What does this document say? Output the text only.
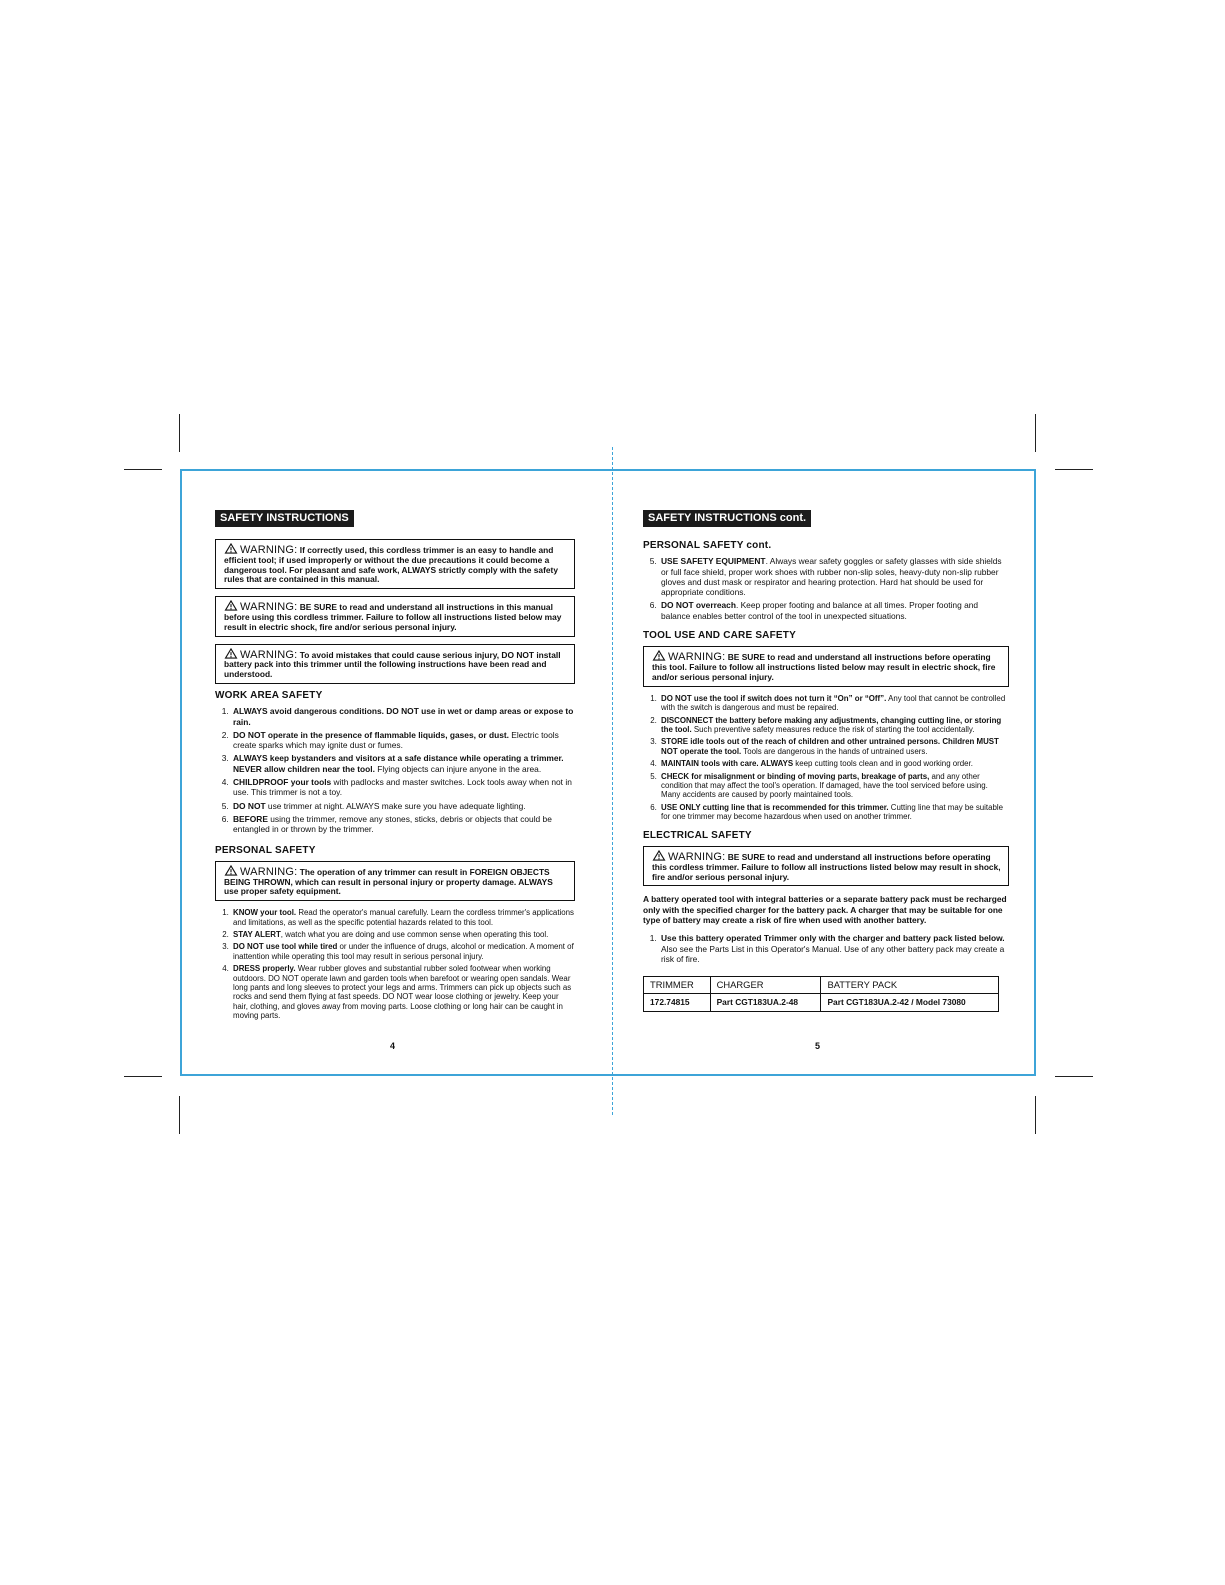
SAFETY INSTRUCTIONS
WARNING: If correctly used, this cordless trimmer is an easy to handle and efficient tool; if used improperly or without the due precautions it could become a dangerous tool. For pleasant and safe work, ALWAYS strictly comply with the safety rules that are contained in this manual.
WARNING: BE SURE to read and understand all instructions in this manual before using this cordless trimmer. Failure to follow all instructions listed below may result in electric shock, fire and/or serious personal injury.
WARNING: To avoid mistakes that could cause serious injury, DO NOT install battery pack into this trimmer until the following instructions have been read and understood.
WORK AREA SAFETY
1. ALWAYS avoid dangerous conditions. DO NOT use in wet or damp areas or expose to rain.
2. DO NOT operate in the presence of flammable liquids, gases, or dust. Electric tools create sparks which may ignite dust or fumes.
3. ALWAYS keep bystanders and visitors at a safe distance while operating a trimmer. NEVER allow children near the tool. Flying objects can injure anyone in the area.
4. CHILDPROOF your tools with padlocks and master switches. Lock tools away when not in use. This trimmer is not a toy.
5. DO NOT use trimmer at night. ALWAYS make sure you have adequate lighting.
6. BEFORE using the trimmer, remove any stones, sticks, debris or objects that could be entangled in or thrown by the trimmer.
PERSONAL SAFETY
WARNING: The operation of any trimmer can result in FOREIGN OBJECTS BEING THROWN, which can result in personal injury or property damage. ALWAYS use proper safety equipment.
1. KNOW your tool. Read the operator's manual carefully. Learn the cordless trimmer's applications and limitations, as well as the specific potential hazards related to this tool.
2. STAY ALERT, watch what you are doing and use common sense when operating this tool.
3. DO NOT use tool while tired or under the influence of drugs, alcohol or medication. A moment of inattention while operating this tool may result in serious personal injury.
4. DRESS properly. Wear rubber gloves and substantial rubber soled footwear when working outdoors. DO NOT operate lawn and garden tools when barefoot or wearing open sandals. Wear long pants and long sleeves to protect your legs and arms. Trimmers can pick up objects such as rocks and send them flying at fast speeds. DO NOT wear loose clothing or jewelry. Keep your hair, clothing, and gloves away from moving parts. Loose clothing or long hair can be caught in moving parts.
4
SAFETY INSTRUCTIONS cont.
PERSONAL SAFETY cont.
5. USE SAFETY EQUIPMENT. Always wear safety goggles or safety glasses with side shields or full face shield, proper work shoes with rubber non-slip soles, heavy-duty non-slip rubber gloves and dust mask or respirator and hearing protection. Hard hat should be used for appropriate conditions.
6. DO NOT overreach. Keep proper footing and balance at all times. Proper footing and balance enables better control of the tool in unexpected situations.
TOOL USE AND CARE SAFETY
WARNING: BE SURE to read and understand all instructions before operating this tool. Failure to follow all instructions listed below may result in electric shock, fire and/or serious personal injury.
1. DO NOT use the tool if switch does not turn it “On” or “Off”. Any tool that cannot be controlled with the switch is dangerous and must be repaired.
2. DISCONNECT the battery before making any adjustments, changing cutting line, or storing the tool. Such preventive safety measures reduce the risk of starting the tool accidentally.
3. STORE idle tools out of the reach of children and other untrained persons. Children MUST NOT operate the tool. Tools are dangerous in the hands of untrained users.
4. MAINTAIN tools with care. ALWAYS keep cutting tools clean and in good working order.
5. CHECK for misalignment or binding of moving parts, breakage of parts, and any other condition that may affect the tool's operation. If damaged, have the tool serviced before using. Many accidents are caused by poorly maintained tools.
6. USE ONLY cutting line that is recommended for this trimmer. Cutting line that may be suitable for one trimmer may become hazardous when used on another trimmer.
ELECTRICAL SAFETY
WARNING: BE SURE to read and understand all instructions before operating this cordless trimmer. Failure to follow all instructions listed below may result in shock, fire and/or serious personal injury.
A battery operated tool with integral batteries or a separate battery pack must be recharged only with the specified charger for the battery pack. A charger that may be suitable for one type of battery may create a risk of fire when used with another battery.
1. Use this battery operated Trimmer only with the charger and battery pack listed below. Also see the Parts List in this Operator's Manual. Use of any other battery pack may create a risk of fire.
TRIMMER	CHARGER	BATTERY PACK
172.74815	Part CGT183UA.2-48	Part CGT183UA.2-42 / Model 73080
5
